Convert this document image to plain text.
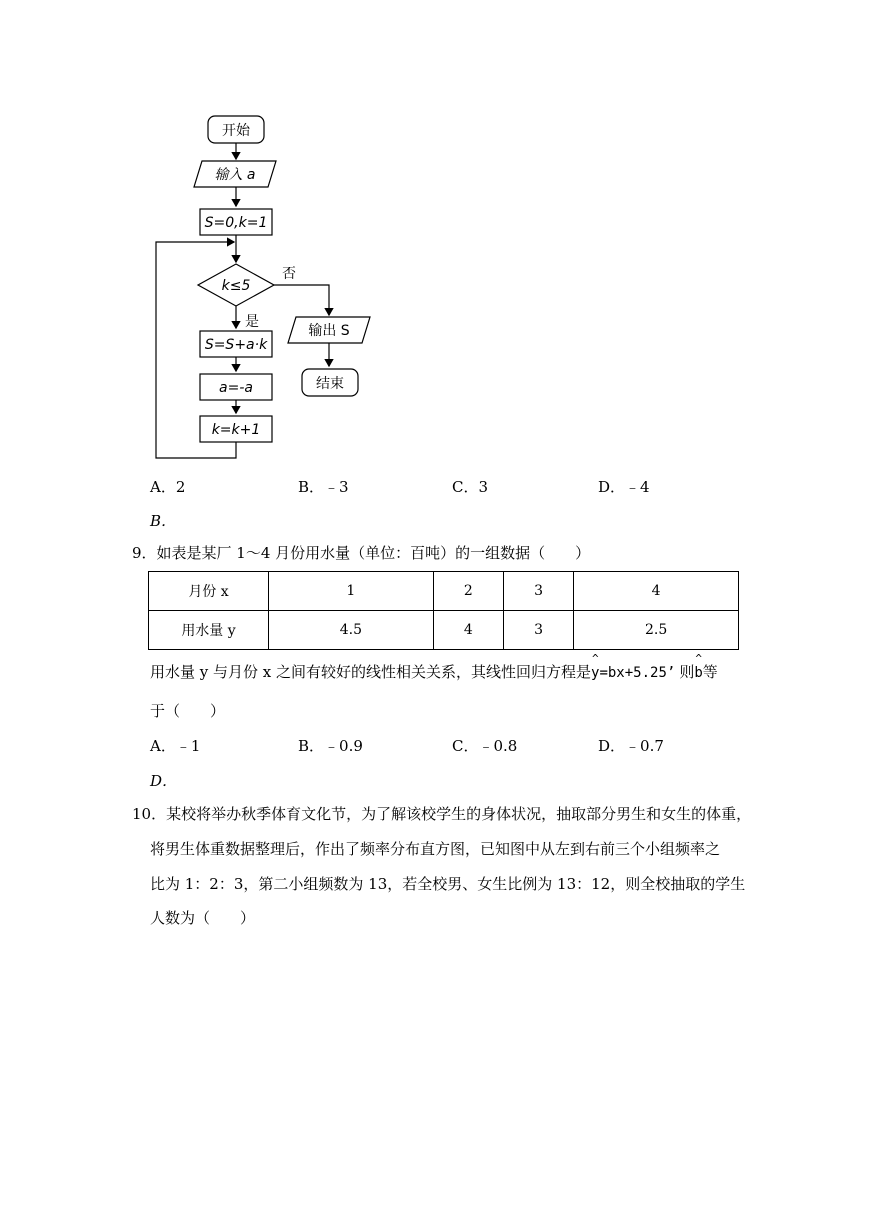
开始
输入 a
S=0,k=1
k≤5
否
是
S=S+a·k
a=-a
k=k+1
输出 S
结束
A．2	B．﹣3	C．3	D．﹣4
B．
9．如表是某厂 1～4 月份用水量（单位：百吨）的一组数据（　　）
月份 x	1	2	3	4
用水量 y	4.5	4	3	2.5
用水量 y 与月份 x 之间有较好的线性相关关系，其线性回归方程是^ y=bx+5.25’ 则^ b等
于（　　）
A．﹣1	B．﹣0.9	C．﹣0.8	D．﹣0.7
D．
10．某校将举办秋季体育文化节，为了解该校学生的身体状况，抽取部分男生和女生的体重，
将男生体重数据整理后，作出了频率分布直方图，已知图中从左到右前三个小组频率之
比为 1：2：3，第二小组频数为 13，若全校男、女生比例为 13：12，则全校抽取的学生
人数为（　　）
